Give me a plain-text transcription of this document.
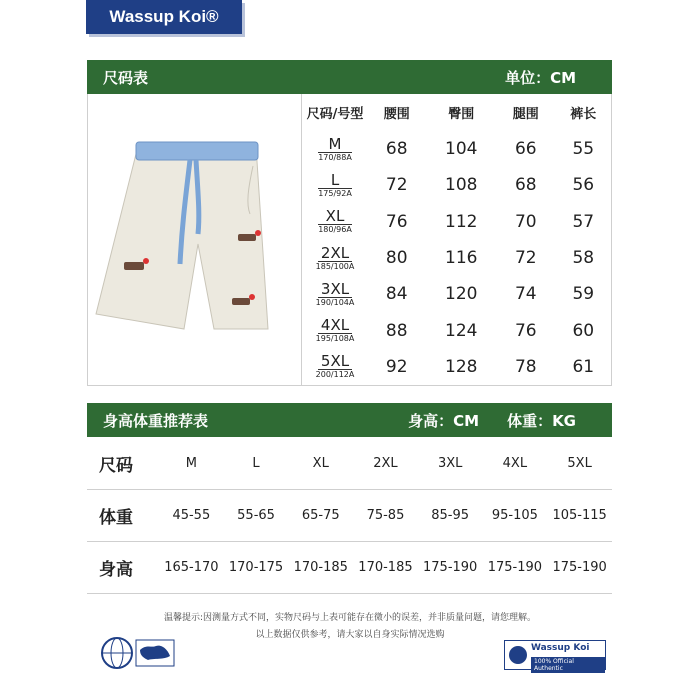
Wassup Koi®
尺码表	单位：CM
尺码/号型	腰围	臀围	腿围	裤长

M
170/88A	68	104	66	55

L
175/92A	72	108	68	56

XL
180/96A	76	112	70	57

2XL
185/100A	80	116	72	58

3XL
190/104A	84	120	74	59

4XL
195/108A	88	124	76	60

5XL
200/112A	92	128	78	61
身高体重推荐表	身高：CM 体重：KG
尺码	M	L	XL	2XL	3XL	4XL	5XL
体重	45-55	55-65	65-75	75-85	85-95	95-105	105-115
身高	165-170	170-175	170-185	170-185	175-190	175-190	175-190
温馨提示:因测量方式不同，实物尺码与上表可能存在微小的误差，并非质量问题，请您理解。
以上数据仅供参考，请大家以自身实际情况选购
Wassup Koi
100% Official Authentic
